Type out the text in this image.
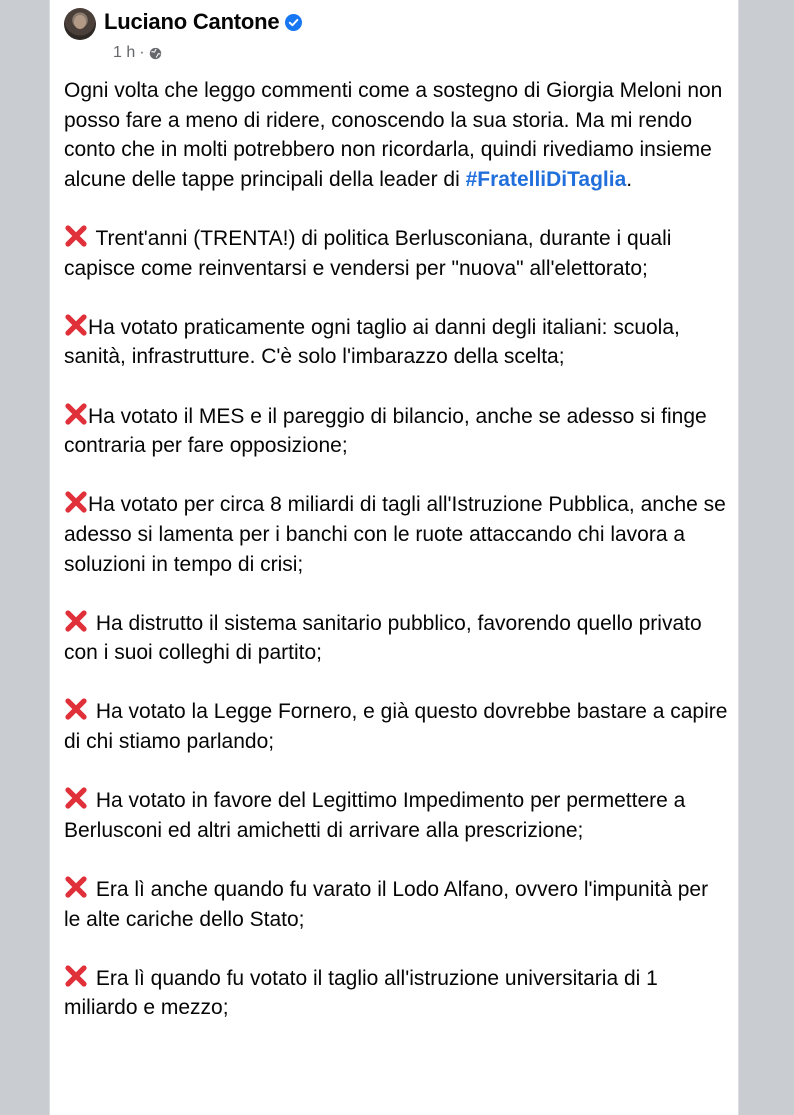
Luciano Cantone
1 h ·

Ogni volta che leggo commenti come a sostegno di Giorgia Meloni non posso fare a meno di ridere, conoscendo la sua storia. Ma mi rendo conto che in molti potrebbero non ricordarla, quindi rivediamo insieme alcune delle tappe principali della leader di #FratelliDiTaglia.

Trent'anni (TRENTA!) di politica Berlusconiana, durante i quali capisce come reinventarsi e vendersi per "nuova" all'elettorato;

Ha votato praticamente ogni taglio ai danni degli italiani: scuola, sanità, infrastrutture. C'è solo l'imbarazzo della scelta;

Ha votato il MES e il pareggio di bilancio, anche se adesso si finge contraria per fare opposizione;

Ha votato per circa 8 miliardi di tagli all'Istruzione Pubblica, anche se adesso si lamenta per i banchi con le ruote attaccando chi lavora a soluzioni in tempo di crisi;

Ha distrutto il sistema sanitario pubblico, favorendo quello privato con i suoi colleghi di partito;

Ha votato la Legge Fornero, e già questo dovrebbe bastare a capire di chi stiamo parlando;

Ha votato in favore del Legittimo Impedimento per permettere a Berlusconi ed altri amichetti di arrivare alla prescrizione;

Era lì anche quando fu varato il Lodo Alfano, ovvero l'impunità per le alte cariche dello Stato;

Era lì quando fu votato il taglio all'istruzione universitaria di 1 miliardo e mezzo;
